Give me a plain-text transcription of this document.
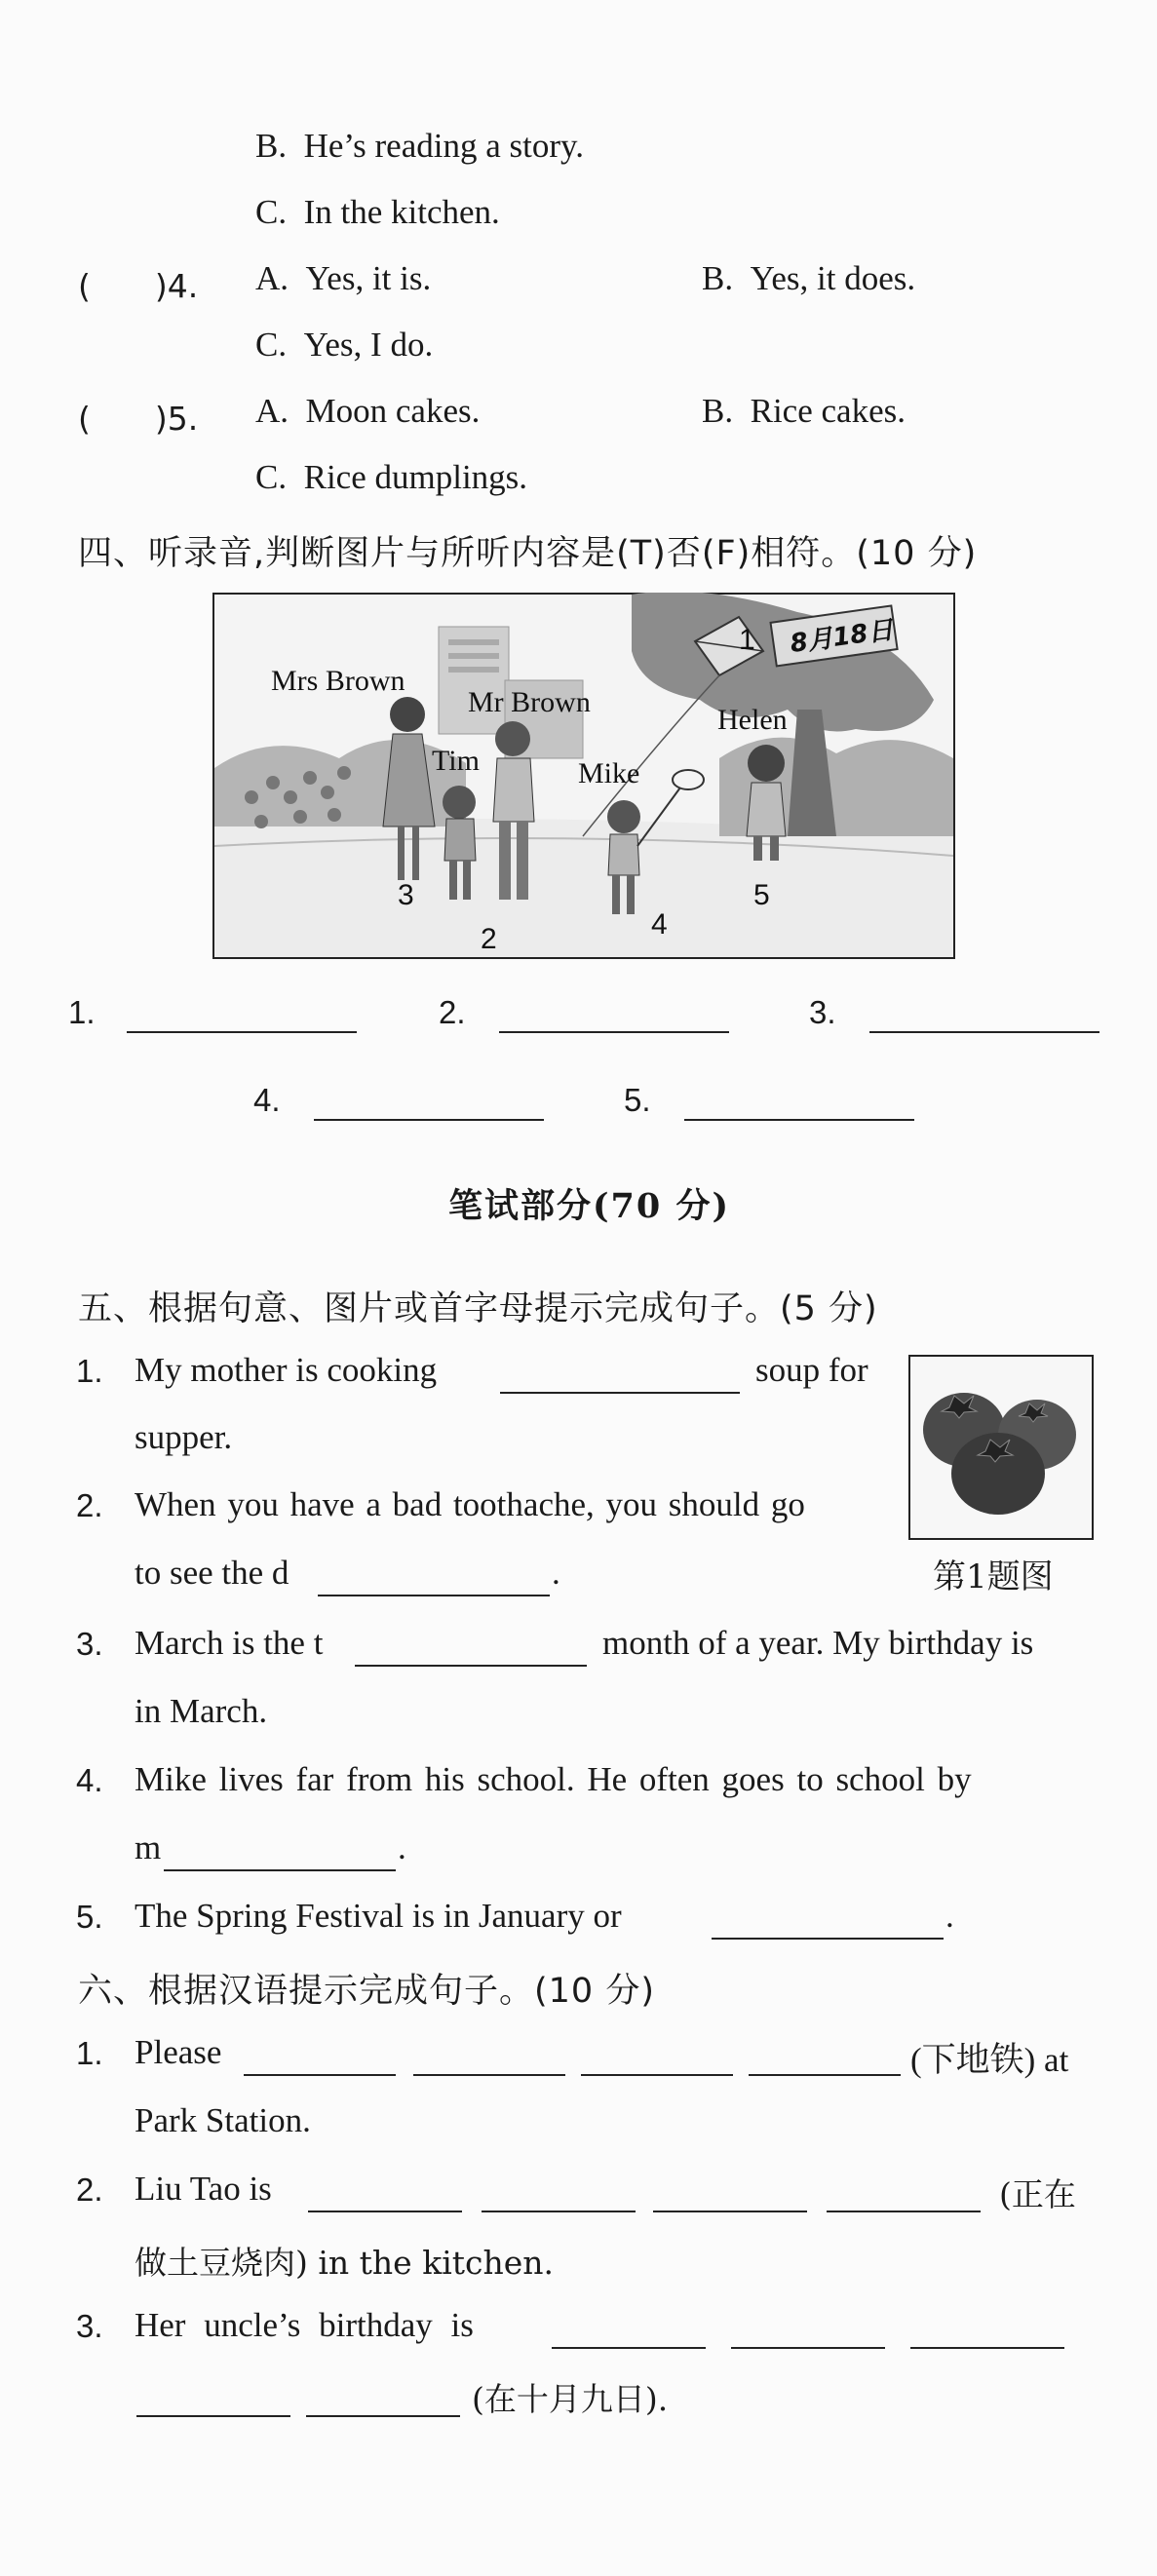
B. He’s reading a story.
C. In the kitchen.
(　　)4. A. Yes, it is.	B. Yes, it does.
C. Yes, I do.
(　　)5. A. Moon cakes.	B. Rice cakes.
C. Rice dumplings.
四、听录音,判断图片与所听内容是(T)否(F)相符。(10 分)
Mrs Brown
Mr Brown
Tim	Mike
Helen
8月18日
1
2
3
4
5
1.	2.	3.
4.	5.
笔试部分(70 分)
五、根据句意、图片或首字母提示完成句子。(5 分)
第1题图
1. My mother is cooking	soup for
supper.
2. When you have a bad toothache, you should go
to see the d	.
3. March is the t	month of a year. My birthday is
in March.
4. Mike lives far from his school. He often goes to school by
m	.
5. The Spring Festival is in January or	.
六、根据汉语提示完成句子。(10 分)
1. Please	(下地铁) at
Park Station.
2. Liu Tao is	(正在
做土豆烧肉) in the kitchen.
3. Her uncle’s birthday is
(在十月九日).
